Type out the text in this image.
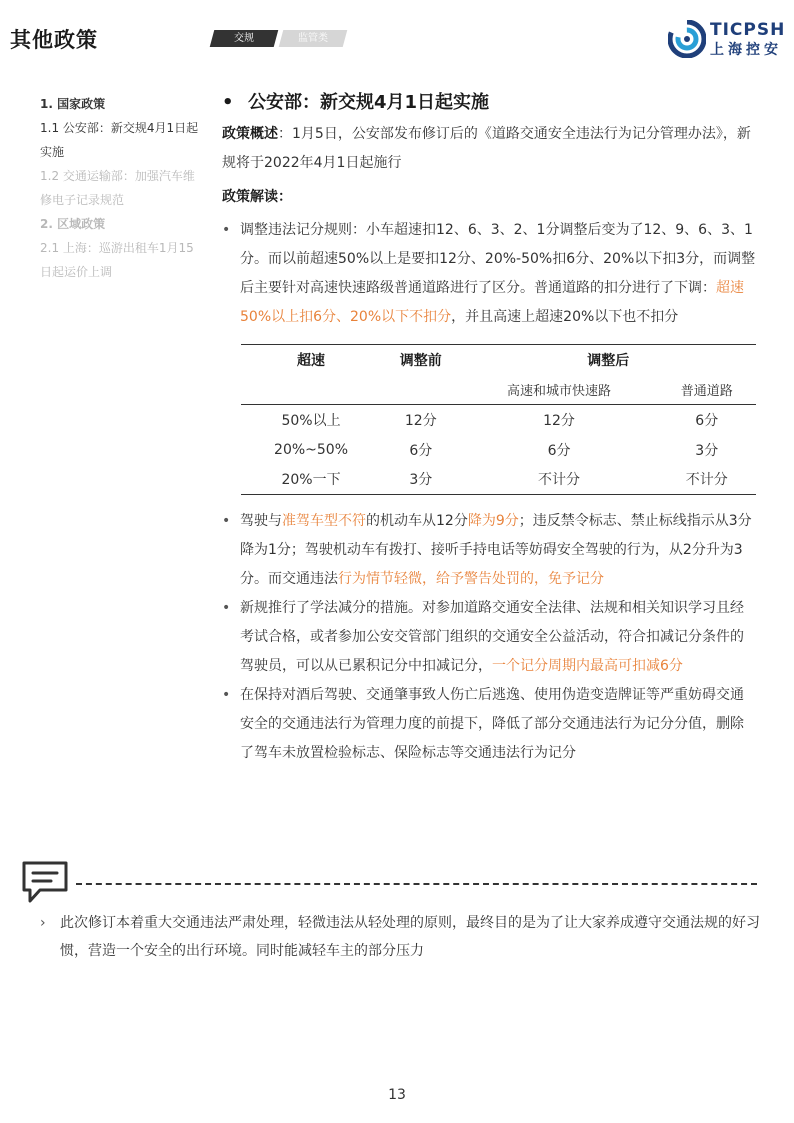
其他政策	交规	监管类	TICPSH
上海控安
1. 国家政策
1.1 公安部：新交规4月1日起实施
1.2 交通运输部：加强汽车维修电子记录规范
2. 区域政策
2.1 上海：巡游出租车1月15日起运价上调
• 公安部：新交规4月1日起实施

政策概述：1月5日，公安部发布修订后的《道路交通安全违法行为记分管理办法》，新规将于2022年4月1日起施行

政策解读：
• 调整违法记分规则：小车超速扣12、6、3、2、1分调整后变为了12、9、6、3、1分。而以前超速50%以上是要扣12分、20%-50%扣6分、20%以下扣3分，而调整后主要针对高速快速路级普通道路进行了区分。普通道路的扣分进行了下调：超速50%以上扣6分、20%以下不扣分，并且高速上超速20%以下也不扣分
超速	调整前	调整后	
		高速和城市快速路	普通道路
50%以上	12分	12分	6分
20%~50%	6分	6分	3分
20%一下	3分	不计分	不计分
• 驾驶与准驾车型不符的机动车从12分降为9分；违反禁令标志、禁止标线指示从3分降为1分；驾驶机动车有拨打、接听手持电话等妨碍安全驾驶的行为，从2分升为3分。而交通违法行为情节轻微，给予警告处罚的，免予记分
• 新规推行了学法减分的措施。对参加道路交通安全法律、法规和相关知识学习且经考试合格，或者参加公安交管部门组织的交通安全公益活动，符合扣减记分条件的驾驶员，可以从已累积记分中扣减记分，一个记分周期内最高可扣减6分
• 在保持对酒后驾驶、交通肇事致人伤亡后逃逸、使用伪造变造牌证等严重妨碍交通安全的交通违法行为管理力度的前提下，降低了部分交通违法行为记分分值，删除了驾车未放置检验标志、保险标志等交通违法行为记分
›	此次修订本着重大交通违法严肃处理，轻微违法从轻处理的原则，最终目的是为了让大家养成遵守交通法规的好习惯，营造一个安全的出行环境。同时能减轻车主的部分压力
13
